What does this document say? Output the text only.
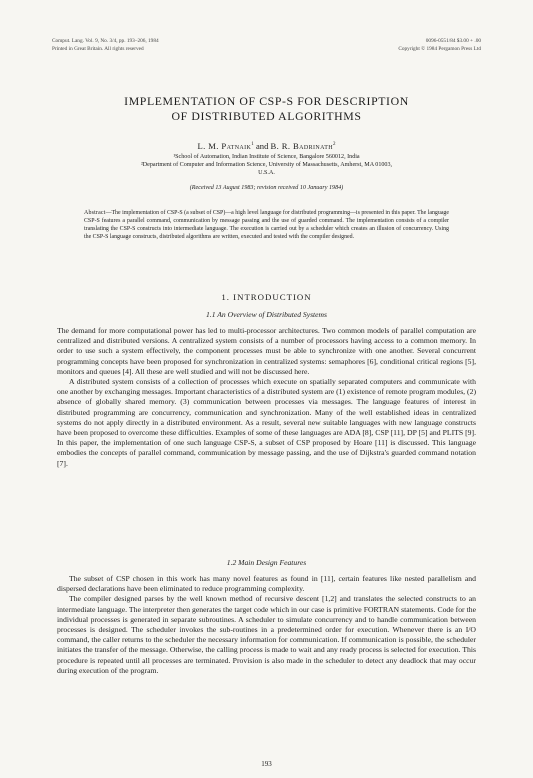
Comput. Lang. Vol. 9, No. 3/4, pp. 193–206, 1984
Printed in Great Britain. All rights reserved
0096-0551/84 $3.00 + .00
Copyright © 1984 Pergamon Press Ltd
IMPLEMENTATION OF CSP-S FOR DESCRIPTION
OF DISTRIBUTED ALGORITHMS
L. M. Patnaik$^1$ and B. R. Badrinath$^2$
¹School of Automation, Indian Institute of Science, Bangalore 560012, India
²Department of Computer and Information Science, University of Massachusetts, Amherst, MA 01003,
U.S.A.
(Received 13 August 1983; revision received 10 January 1984)
Abstract—The implementation of CSP-S (a subset of CSP)—a high level language for distributed programming—is presented in this paper. The language CSP-S features a parallel command, communication by message passing and the use of guarded command. The implementation consists of a compiler translating the CSP-S constructs into intermediate language. The execution is carried out by a scheduler which creates an illusion of concurrency. Using the CSP-S language constructs, distributed algorithms are written, executed and tested with the compiler designed.
1. INTRODUCTION
1.1 An Overview of Distributed Systems

The demand for more computational power has led to multi-processor architectures. Two common models of parallel computation are centralized and distributed versions. A centralized system consists of a number of processors having access to a common memory. In order to use such a system effectively, the component processes must be able to synchronize with one another. Several concurrent programming concepts have been proposed for synchronization in centralized systems: semaphores [6], conditional critical regions [5], monitors and queues [4]. All these are well studied and will not be discussed here.

A distributed system consists of a collection of processes which execute on spatially separated computers and communicate with one another by exchanging messages. Important characteristics of a distributed system are (1) existence of remote program modules, (2) absence of globally shared memory. (3) communication between processes via messages. The language features of interest in distributed programming are concurrency, communication and synchronization. Many of the well established ideas in centralized systems do not apply directly in a distributed environment. As a result, several new suitable languages with new language constructs have been proposed to overcome these difficulties. Examples of some of these languages are ADA [8], CSP [11], DP [5] and PLITS [9]. In this paper, the implementation of one such language CSP-S, a subset of CSP proposed by Hoare [11] is discussed. This language embodies the concepts of parallel command, communication by message passing, and the use of Dijkstra's guarded command notation [7].

1.2 Main Design Features

The subset of CSP chosen in this work has many novel features as found in [11], certain features like nested parallelism and dispersed declarations have been eliminated to reduce programming complexity.

The compiler designed parses by the well known method of recursive descent [1,2] and translates the selected constructs to an intermediate language. The interpreter then generates the target code which in our case is primitive FORTRAN statements. Code for the individual processes is generated in separate subroutines. A scheduler to simulate concurrency and to handle communication between processes is designed. The scheduler invokes the sub-routines in a predetermined order for execution. Whenever there is an I/O command, the caller returns to the scheduler the necessary information for communication. If communication is possible, the scheduler initiates the transfer of the message. Otherwise, the calling process is made to wait and any ready process is selected for execution. This procedure is repeated until all processes are terminated. Provision is also made in the scheduler to detect any deadlock that may occur during execution of the program.

193
